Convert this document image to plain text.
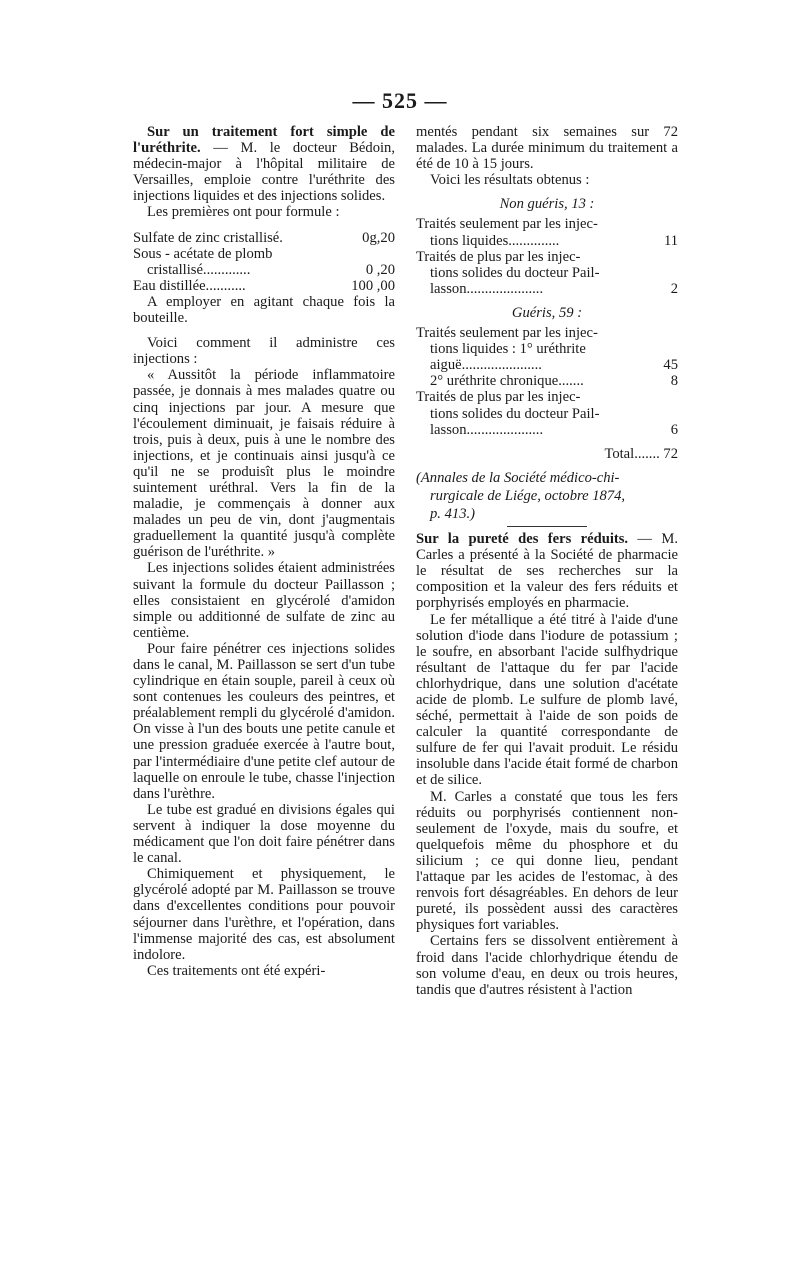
— 525 —

Sur un traitement fort simple de l'uréthrite. — M. le docteur Bédoin, médecin-major à l'hôpital militaire de Versailles, emploie contre l'uréthrite des injections liquides et des injections solides.

Les premières ont pour formule :

Sulfate de zinc cristallisé.	0g,20
Sous - acétate de plomb
cristallisé.............	0 ,20
Eau distillée...........	100 ,00

A employer en agitant chaque fois la bouteille.

Voici comment il administre ces injections :

« Aussitôt la période inflammatoire passée, je donnais à mes malades quatre ou cinq injections par jour. A mesure que l'écoulement diminuait, je faisais réduire à trois, puis à deux, puis à une le nombre des injections, et je continuais ainsi jusqu'à ce qu'il ne se produisît plus le moindre suintement uréthral. Vers la fin de la maladie, je commençais à donner aux malades un peu de vin, dont j'augmentais graduellement la quantité jusqu'à complète guérison de l'uréthrite. »

Les injections solides étaient administrées suivant la formule du docteur Paillasson ; elles consistaient en glycérolé d'amidon simple ou additionné de sulfate de zinc au centième.

Pour faire pénétrer ces injections solides dans le canal, M. Paillasson se sert d'un tube cylindrique en étain souple, pareil à ceux où sont contenues les couleurs des peintres, et préalablement rempli du glycérolé d'amidon. On visse à l'un des bouts une petite canule et une pression graduée exercée à l'autre bout, par l'intermédiaire d'une petite clef autour de laquelle on enroule le tube, chasse l'injection dans l'urèthre.

Le tube est gradué en divisions égales qui servent à indiquer la dose moyenne du médicament que l'on doit faire pénétrer dans le canal.

Chimiquement et physiquement, le glycérolé adopté par M. Paillasson se trouve dans d'excellentes conditions pour pouvoir séjourner dans l'urèthre, et l'opération, dans l'immense majorité des cas, est absolument indolore.

Ces traitements ont été expéri-

mentés pendant six semaines sur 72 malades. La durée minimum du traitement a été de 10 à 15 jours.

Voici les résultats obtenus :

Non guéris, 13 :
Traités seulement par les injec-
tions liquides..............	11
Traités de plus par les injec-
tions solides du docteur Pail-
lasson.....................	2
Guéris, 59 :
Traités seulement par les injec-
tions liquides : 1° uréthrite
aiguë......................	45
2° uréthrite chronique.......	8
Traités de plus par les injec-
tions solides du docteur Pail-
lasson.....................	6
Total....... 72

(Annales de la Société médico-chi-

rurgicale de Liége, octobre 1874,

p. 413.)

Sur la pureté des fers réduits. — M. Carles a présenté à la Société de pharmacie le résultat de ses recherches sur la composition et la valeur des fers réduits et porphyrisés employés en pharmacie.

Le fer métallique a été titré à l'aide d'une solution d'iode dans l'iodure de potassium ; le soufre, en absorbant l'acide sulfhydrique résultant de l'attaque du fer par l'acide chlorhydrique, dans une solution d'acétate acide de plomb. Le sulfure de plomb lavé, séché, permettait à l'aide de son poids de calculer la quantité correspondante de sulfure de fer qui l'avait produit. Le résidu insoluble dans l'acide était formé de charbon et de silice.

M. Carles a constaté que tous les fers réduits ou porphyrisés contiennent non-seulement de l'oxyde, mais du soufre, et quelquefois même du phosphore et du silicium ; ce qui donne lieu, pendant l'attaque par les acides de l'estomac, à des renvois fort désagréables. En dehors de leur pureté, ils possèdent aussi des caractères physiques fort variables.

Certains fers se dissolvent entièrement à froid dans l'acide chlorhydrique étendu de son volume d'eau, en deux ou trois heures, tandis que d'autres résistent à l'action
